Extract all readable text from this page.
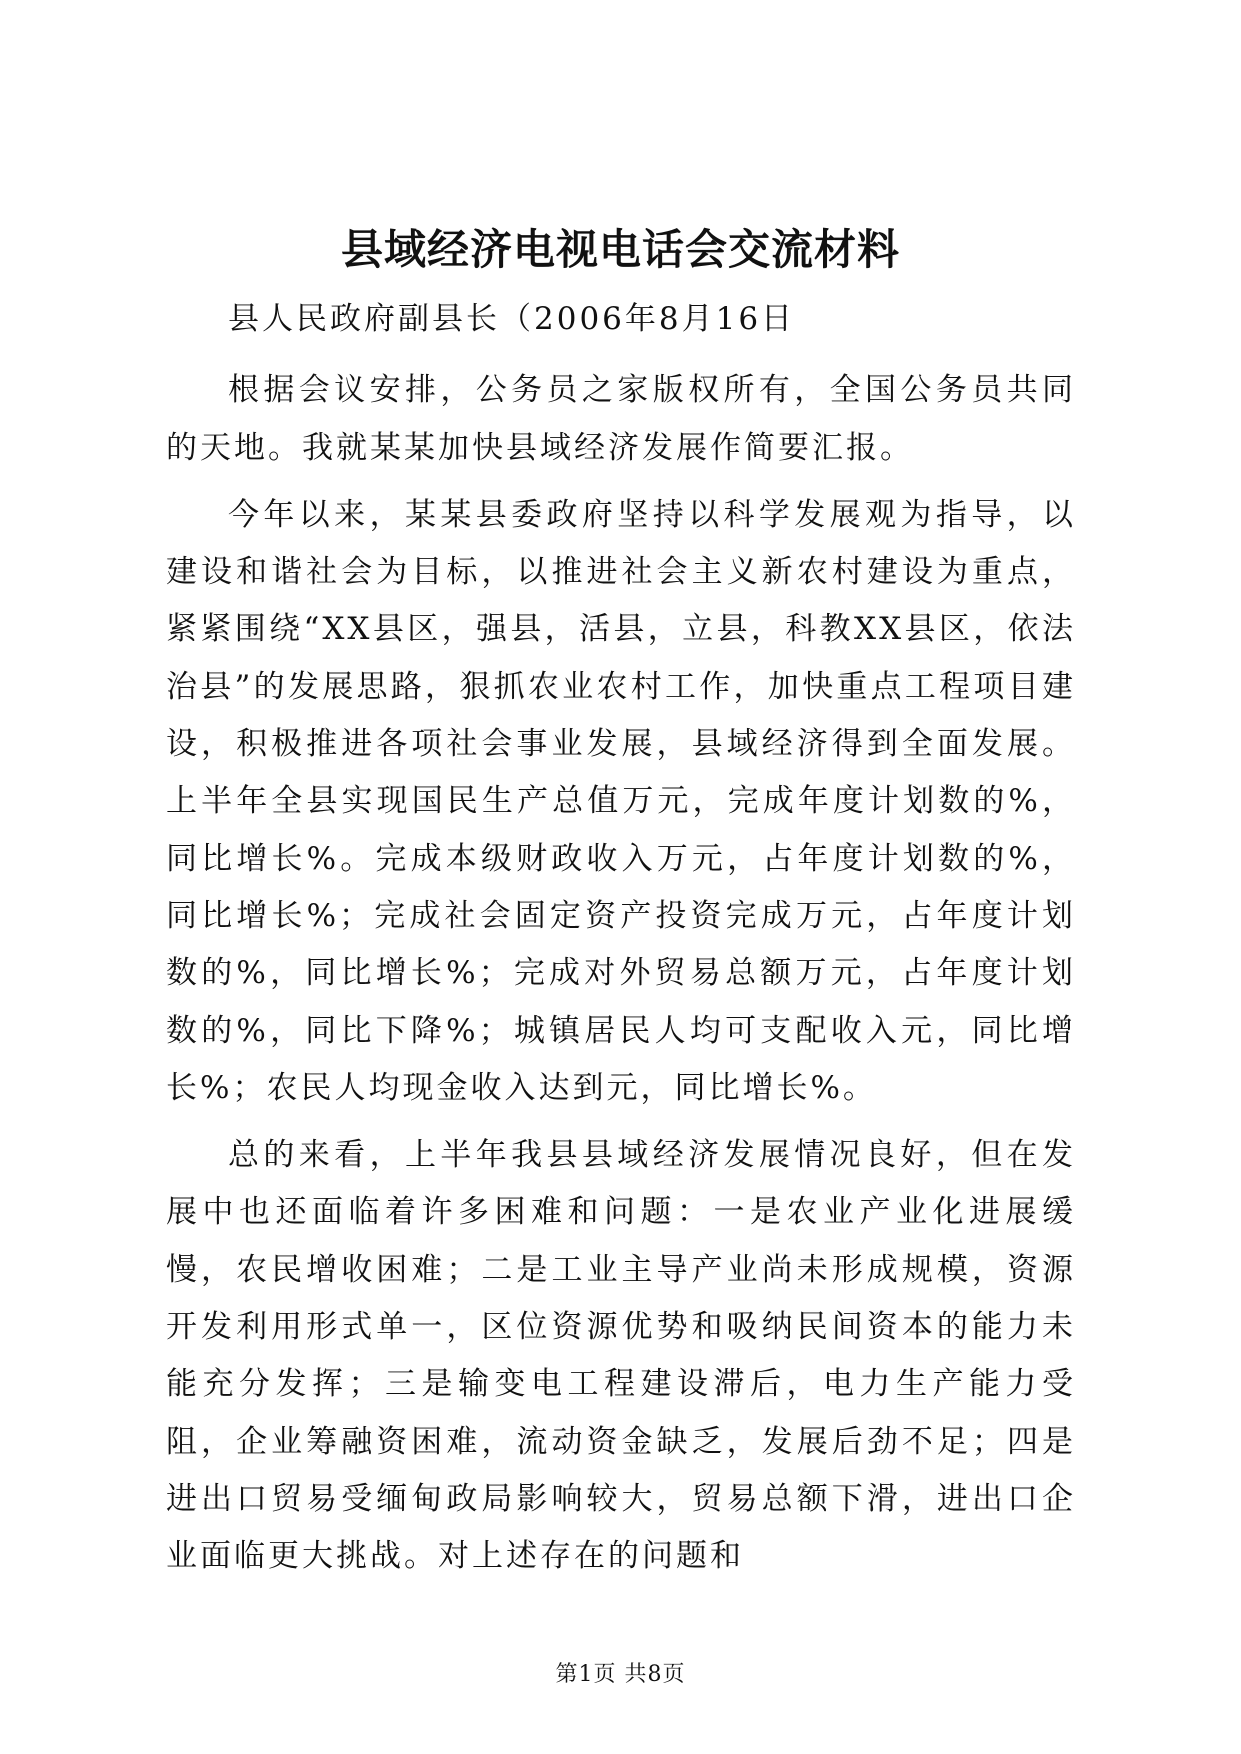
县域经济电视电话会交流材料

县人民政府副县长（2006年8月16日

根据会议安排，公务员之家版权所有，全国公务员共同的天地。我就某某加快县域经济发展作简要汇报。

今年以来，某某县委政府坚持以科学发展观为指导，以建设和谐社会为目标，以推进社会主义新农村建设为重点，紧紧围绕“XX县区，强县，活县，立县，科教XX县区，依法治县”的发展思路，狠抓农业农村工作，加快重点工程项目建设，积极推进各项社会事业发展，县域经济得到全面发展。上半年全县实现国民生产总值万元，完成年度计划数的%，同比增长%。完成本级财政收入万元，占年度计划数的%，同比增长%；完成社会固定资产投资完成万元，占年度计划数的%，同比增长%；完成对外贸易总额万元，占年度计划数的%，同比下降%；城镇居民人均可支配收入元，同比增长%；农民人均现金收入达到元，同比增长%。

总的来看，上半年我县县域经济发展情况良好，但在发展中也还面临着许多困难和问题：一是农业产业化进展缓慢，农民增收困难；二是工业主导产业尚未形成规模，资源开发利用形式单一，区位资源优势和吸纳民间资本的能力未能充分发挥；三是输变电工程建设滞后，电力生产能力受阻，企业筹融资困难，流动资金缺乏，发展后劲不足；四是进出口贸易受缅甸政局影响较大，贸易总额下滑，进出口企业面临更大挑战。对上述存在的问题和

第1页 共8页
